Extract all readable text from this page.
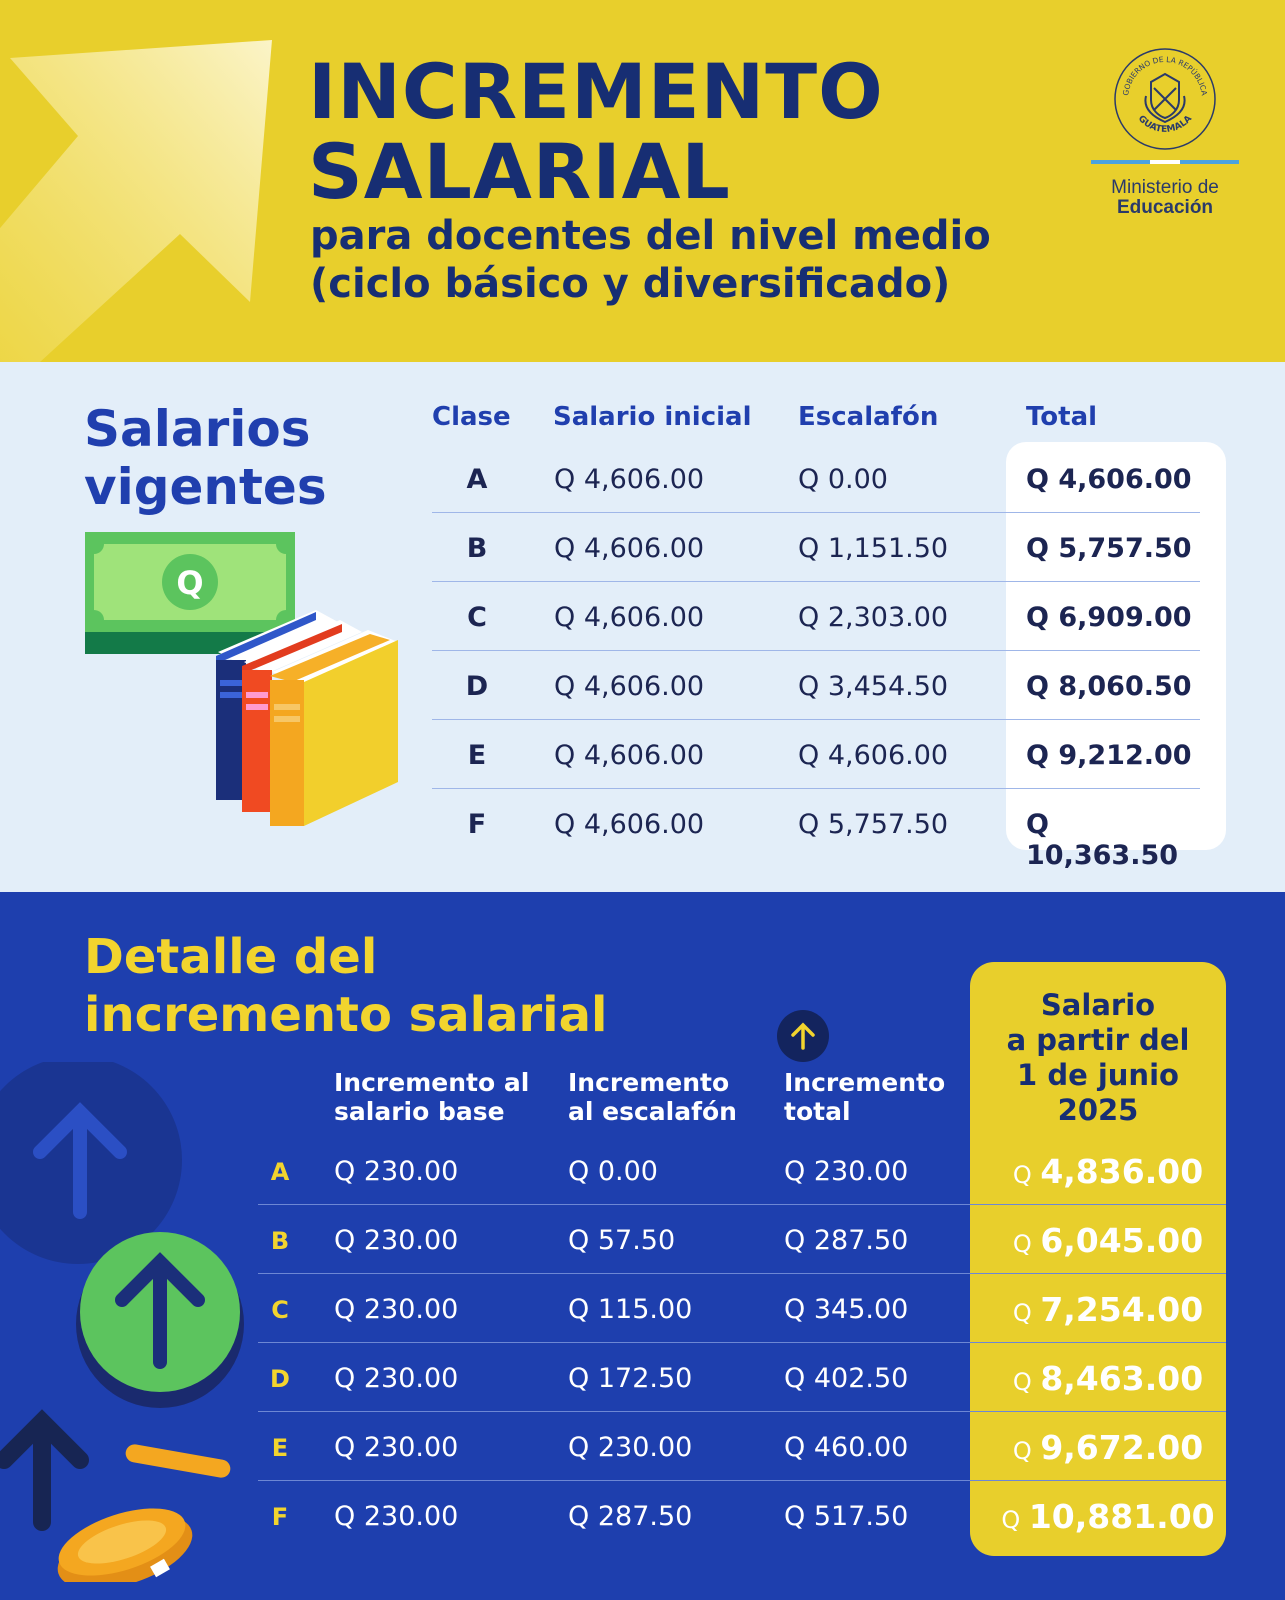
INCREMENTO
SALARIAL
para docentes del nivel medio
(ciclo básico y diversificado)
GOBIERNO DE LA REPÚBLICA
GUATEMALA
Ministerio de
Educación
Salarios
vigentes
Q
Clase Salario inicial Escalafón	Total
A Q 4,606.00	Q 0.00	Q 4,606.00
B Q 4,606.00	Q 1,151.50	Q 5,757.50
C Q 4,606.00	Q 2,303.00	Q 6,909.00
D Q 4,606.00	Q 3,454.50	Q 8,060.50
E	Q 4,606.00	Q 4,606.00	Q 9,212.00
F	Q 4,606.00	Q 5,757.50	Q 10,363.50
Detalle del
incremento salarial
Incremento al
salario base
Incremento
al escalafón
Incremento
total
Salario
a partir del
1 de junio
2025
A Q 230.00	Q 0.00	Q 230.00	Q 4,836.00
B Q 230.00	Q 57.50	Q 287.50	Q 6,045.00
C Q 230.00	Q 115.00	Q 345.00	Q 7,254.00
D Q 230.00	Q 172.50	Q 402.50	Q 8,463.00
E Q 230.00	Q 230.00	Q 460.00	Q 9,672.00
F Q 230.00	Q 287.50	Q 517.50	Q 10,881.00
